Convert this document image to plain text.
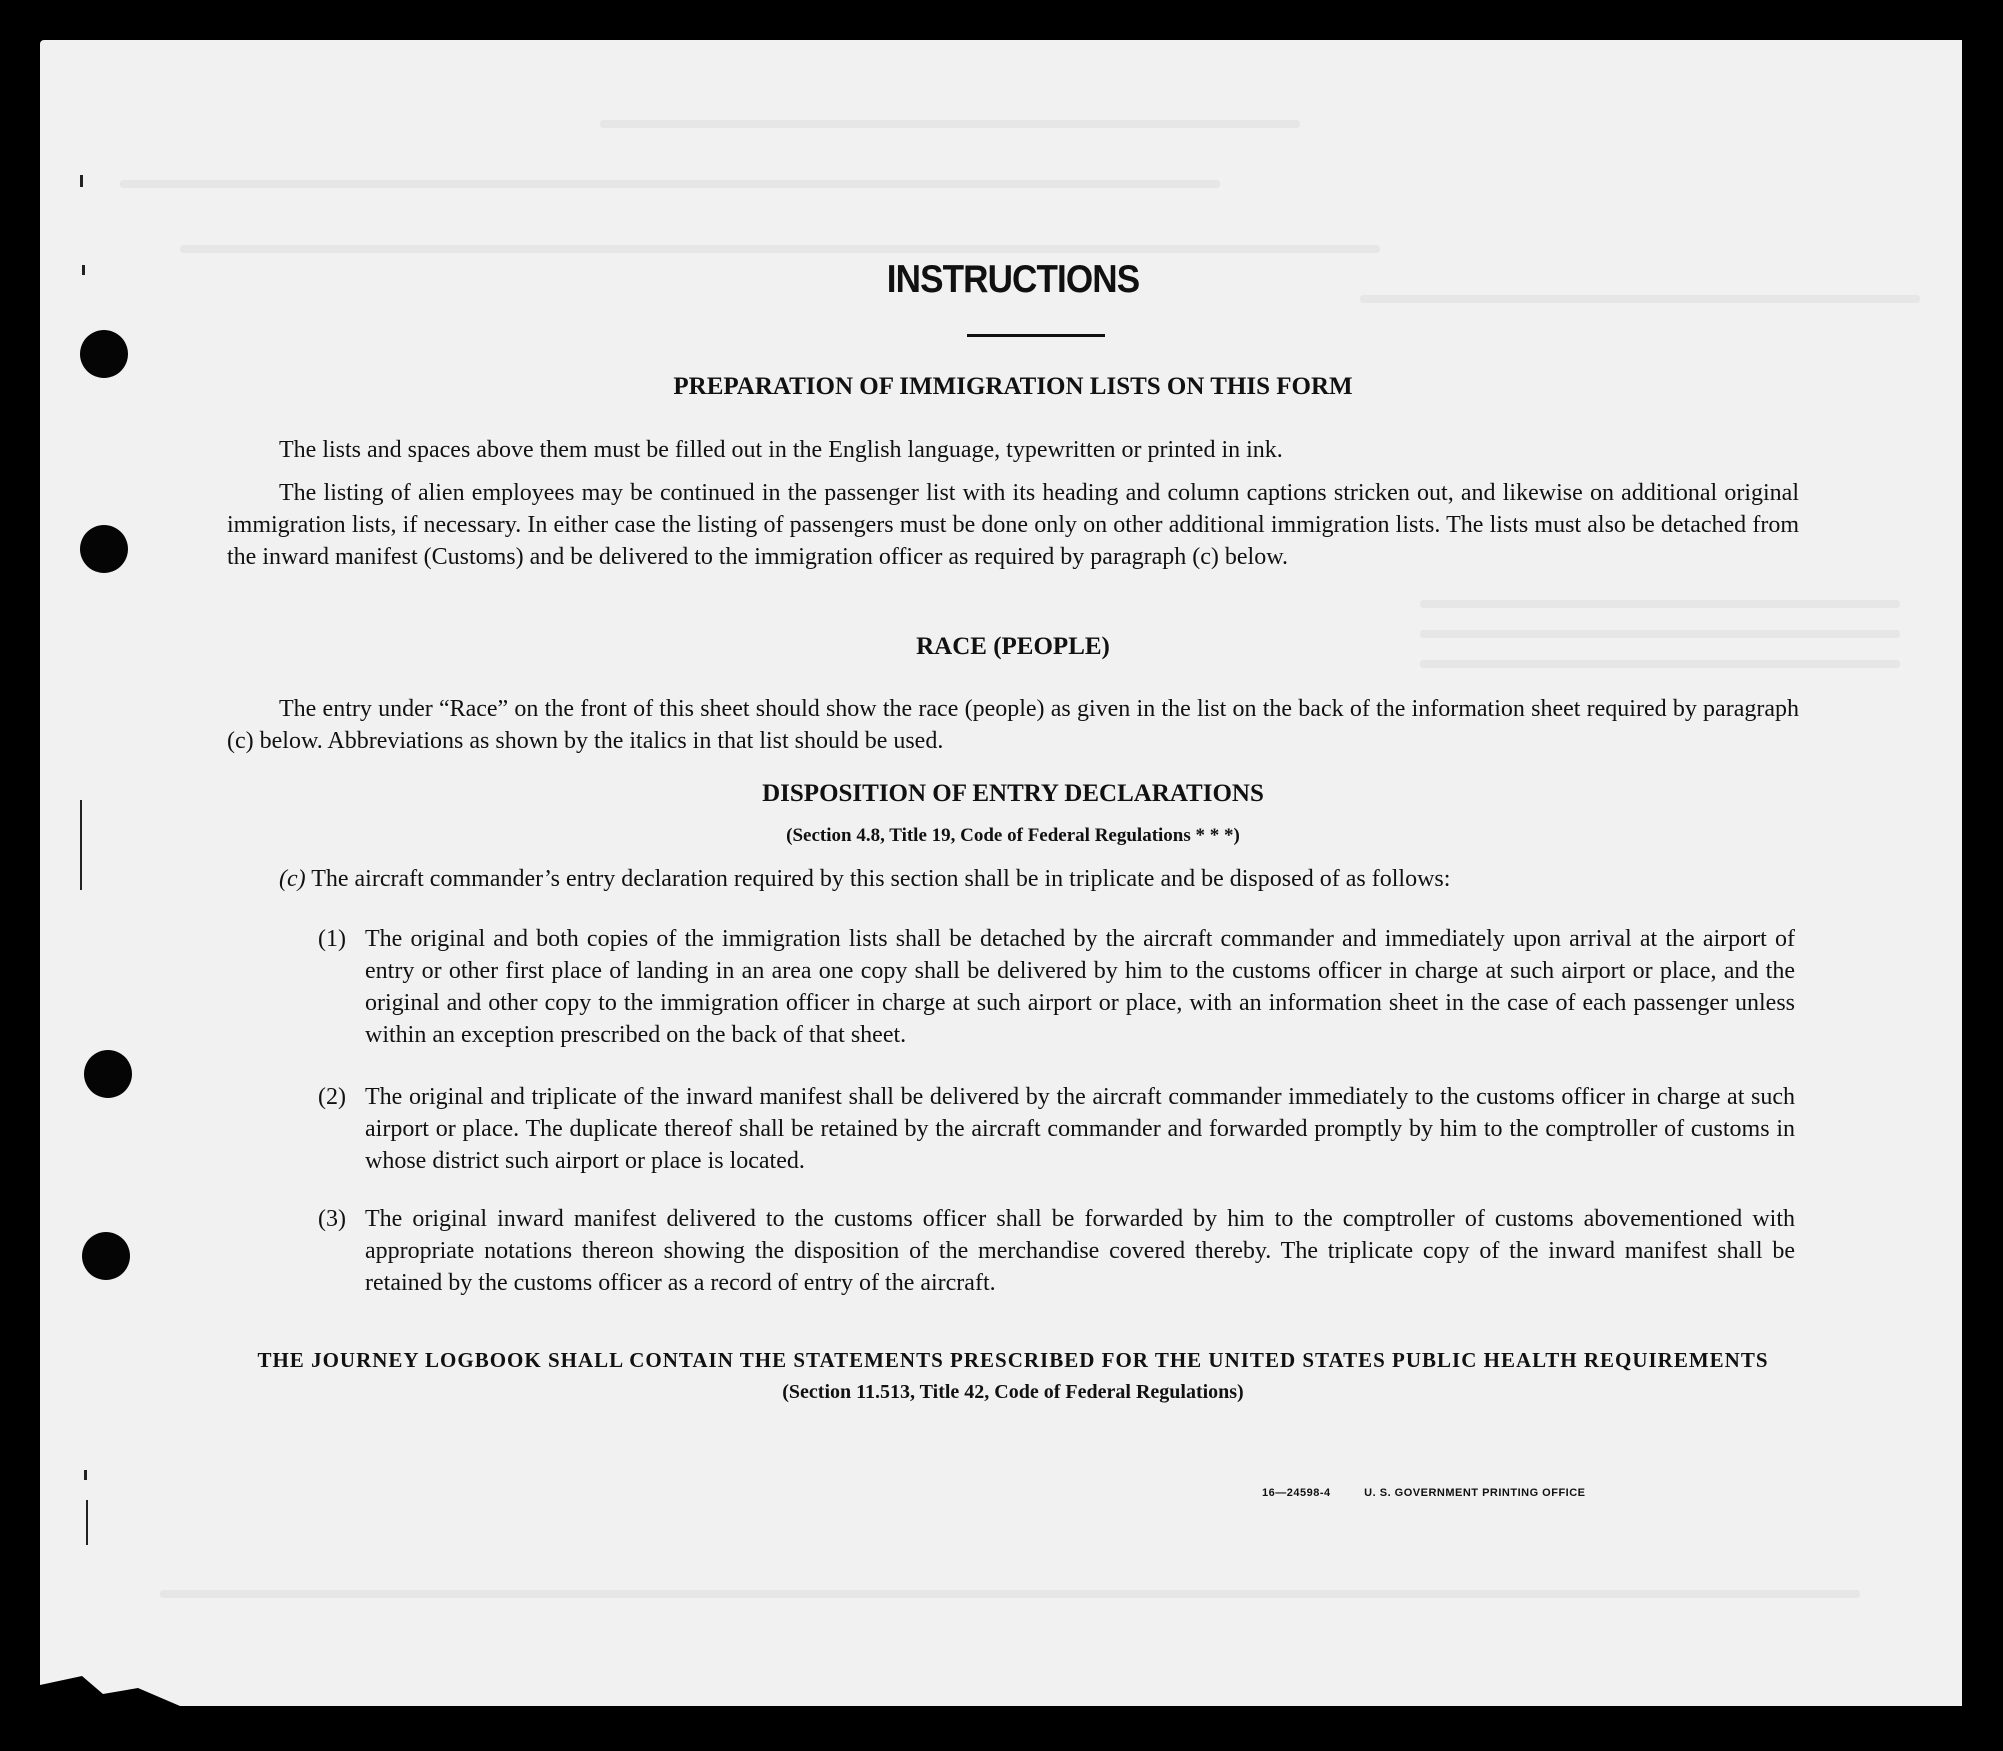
INSTRUCTIONS
PREPARATION OF IMMIGRATION LISTS ON THIS FORM

The lists and spaces above them must be filled out in the English language, typewritten or printed in ink.

The listing of alien employees may be continued in the passenger list with its heading and column captions stricken out, and likewise on additional original immigration lists, if necessary. In either case the listing of passengers must be done only on other additional immigration lists. The lists must also be detached from the inward manifest (Customs) and be delivered to the immigration officer as required by paragraph (c) below.

RACE (PEOPLE)

The entry under “Race” on the front of this sheet should show the race (people) as given in the list on the back of the information sheet required by paragraph (c) below. Abbreviations as shown by the italics in that list should be used.

DISPOSITION OF ENTRY DECLARATIONS

(Section 4.8, Title 19, Code of Federal Regulations * * *)

(c) The aircraft commander’s entry declaration required by this section shall be in triplicate and be disposed of as follows:

(1) The original and both copies of the immigration lists shall be detached by the aircraft commander and immediately upon arrival at the airport of entry or other first place of landing in an area one copy shall be delivered by him to the customs officer in charge at such airport or place, and the original and other copy to the immigration officer in charge at such airport or place, with an information sheet in the case of each passenger unless within an exception prescribed on the back of that sheet.
(2) The original and triplicate of the inward manifest shall be delivered by the aircraft commander immediately to the customs officer in charge at such airport or place. The duplicate thereof shall be retained by the aircraft commander and forwarded promptly by him to the comptroller of customs in whose district such airport or place is located.
(3) The original inward manifest delivered to the customs officer shall be forwarded by him to the comptroller of customs abovementioned with appropriate notations thereon showing the disposition of the merchandise covered thereby. The triplicate copy of the inward manifest shall be retained by the customs officer as a record of entry of the aircraft.
THE JOURNEY LOGBOOK SHALL CONTAIN THE STATEMENTS PRESCRIBED FOR THE UNITED STATES PUBLIC HEALTH REQUIREMENTS

(Section 11.513, Title 42, Code of Federal Regulations)

16—24598-4	U. S. GOVERNMENT PRINTING OFFICE
